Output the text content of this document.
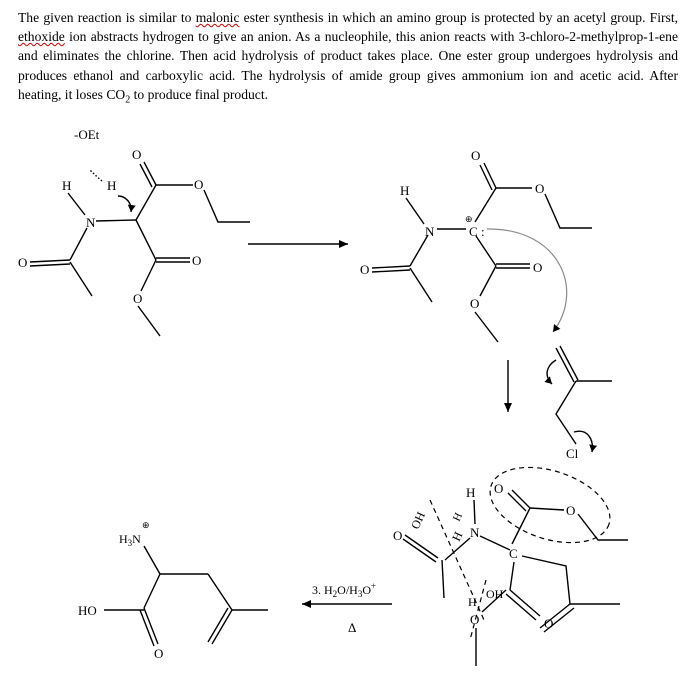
The given reaction is similar to malonic ester synthesis in which an amino group is protected by an acetyl group. First, ethoxide ion abstracts hydrogen to give an anion. As a nucleophile, this anion reacts with 3-chloro-2-methylprop-1-ene and eliminates the chlorine. Then acid hydrolysis of product takes place. One ester group undergoes hydrolysis and produces ethanol and carboxylic acid. The hydrolysis of amide group gives ammonium ion and acetic acid. After heating, it loses $CO_2$ to produce final product.

-OEt
H	H
N
O
O
O
O
O
H
N	C :
⊕
O
O
O
O
O
Cl
H
N
H
OH
H
O
C
O
O
H
OH
O
O
3. $H_2O/H_3O^+$
Δ
$H_3N$
⊕
HO
O
